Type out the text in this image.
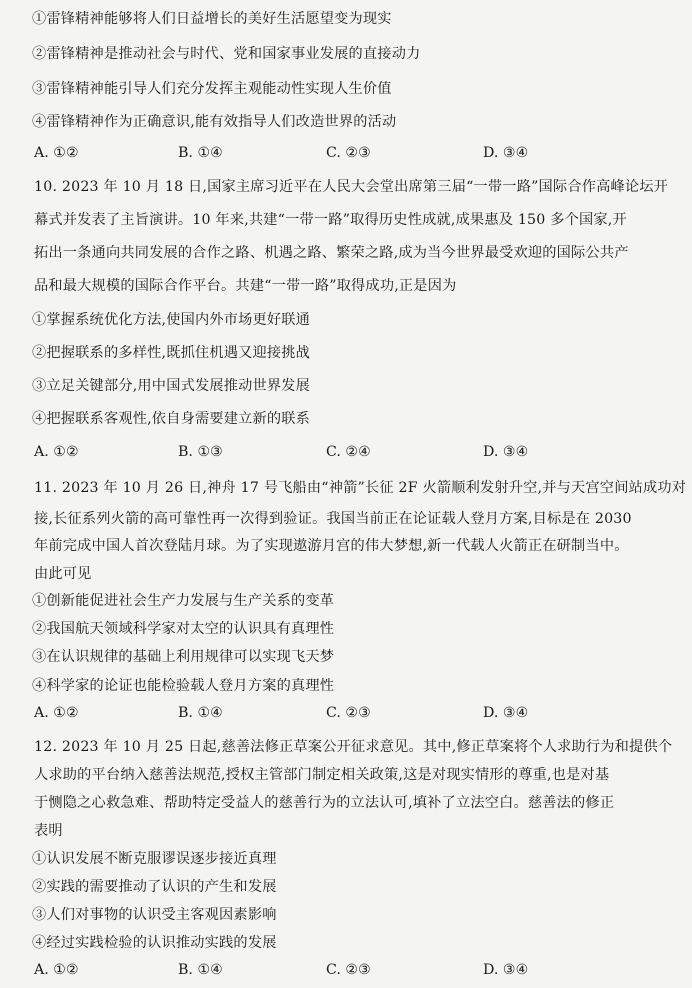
①雷锋精神能够将人们日益增长的美好生活愿望变为现实
②雷锋精神是推动社会与时代、党和国家事业发展的直接动力
③雷锋精神能引导人们充分发挥主观能动性实现人生价值
④雷锋精神作为正确意识,能有效指导人们改造世界的活动
A. ①②	B. ①④	C. ②③	D. ③④
10. 2023 年 10 月 18 日,国家主席习近平在人民大会堂出席第三届“一带一路”国际合作高峰论坛开
幕式并发表了主旨演讲。10 年来,共建“一带一路”取得历史性成就,成果惠及 150 多个国家,开
拓出一条通向共同发展的合作之路、机遇之路、繁荣之路,成为当今世界最受欢迎的国际公共产
品和最大规模的国际合作平台。共建“一带一路”取得成功,正是因为
①掌握系统优化方法,使国内外市场更好联通
②把握联系的多样性,既抓住机遇又迎接挑战
③立足关键部分,用中国式发展推动世界发展
④把握联系客观性,依自身需要建立新的联系
A. ①②	B. ①③	C. ②④	D. ③④
11. 2023 年 10 月 26 日,神舟 17 号飞船由“神箭”长征 2F 火箭顺利发射升空,并与天宫空间站成功对
接,长征系列火箭的高可靠性再一次得到验证。我国当前正在论证载人登月方案,目标是在 2030
年前完成中国人首次登陆月球。为了实现遨游月宫的伟大梦想,新一代载人火箭正在研制当中。
由此可见
①创新能促进社会生产力发展与生产关系的变革
②我国航天领域科学家对太空的认识具有真理性
③在认识规律的基础上利用规律可以实现飞天梦
④科学家的论证也能检验载人登月方案的真理性
A. ①②	B. ①④	C. ②③	D. ③④
12. 2023 年 10 月 25 日起,慈善法修正草案公开征求意见。其中,修正草案将个人求助行为和提供个
人求助的平台纳入慈善法规范,授权主管部门制定相关政策,这是对现实情形的尊重,也是对基
于恻隐之心救急难、帮助特定受益人的慈善行为的立法认可,填补了立法空白。慈善法的修正
表明
①认识发展不断克服谬误逐步接近真理
②实践的需要推动了认识的产生和发展
③人们对事物的认识受主客观因素影响
④经过实践检验的认识推动实践的发展
A. ①②	B. ①④	C. ②③	D. ③④
